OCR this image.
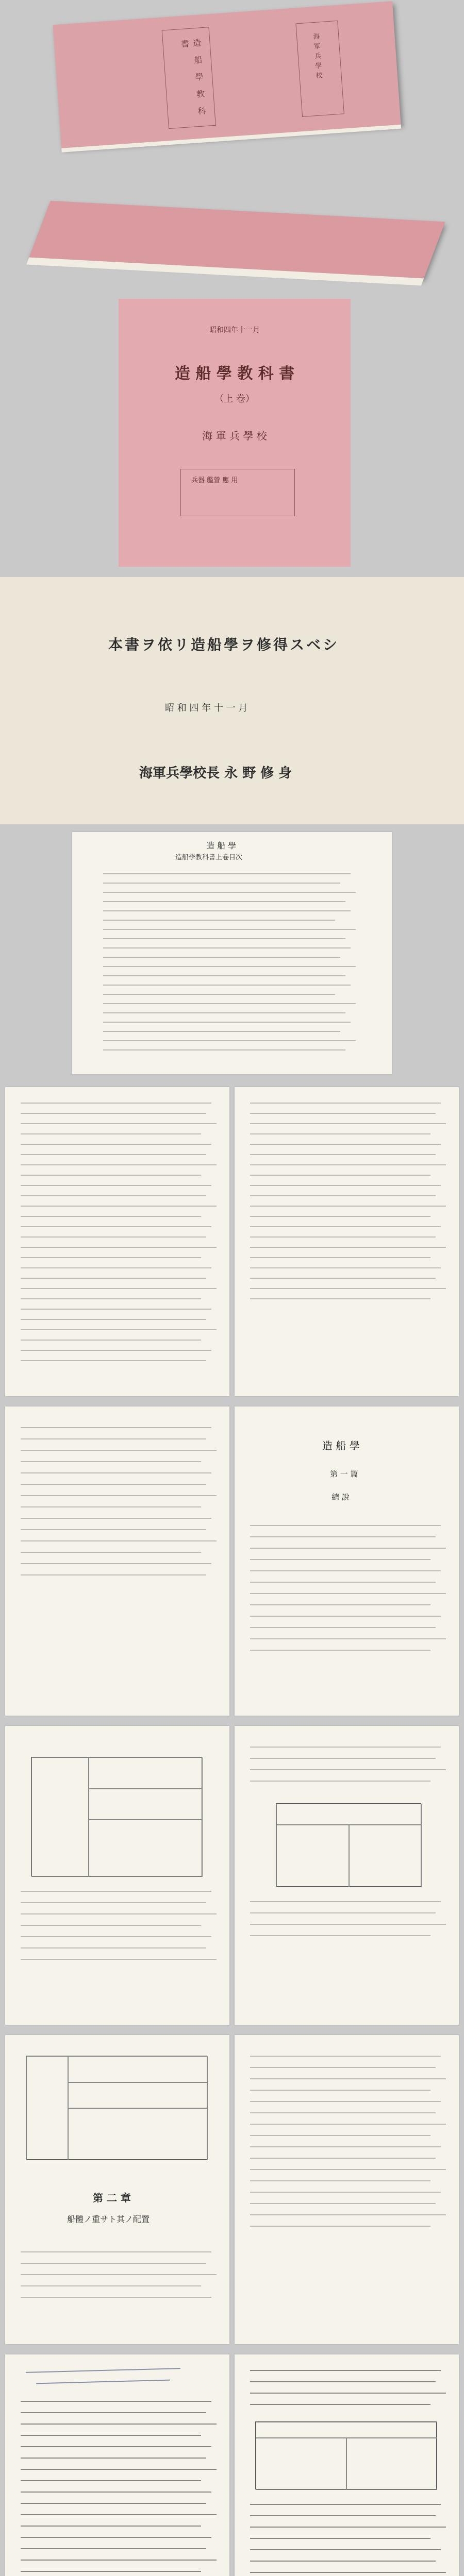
造 船 學 教 科 書	海軍兵學校
昭和四年十一月
造 船 學 教 科 書
（上 卷）
海 軍 兵 學 校
兵器 艦營 應 用
本書ヲ依リ造船學ヲ修得スベシ
昭 和 四 年 十 一 月
海軍兵學校長 永 野 修 身
造 船 學
造船學教科書上卷目次
造 船 學
第 一 篇
總 說
第 二 章
船體ノ重サト其ノ配置
